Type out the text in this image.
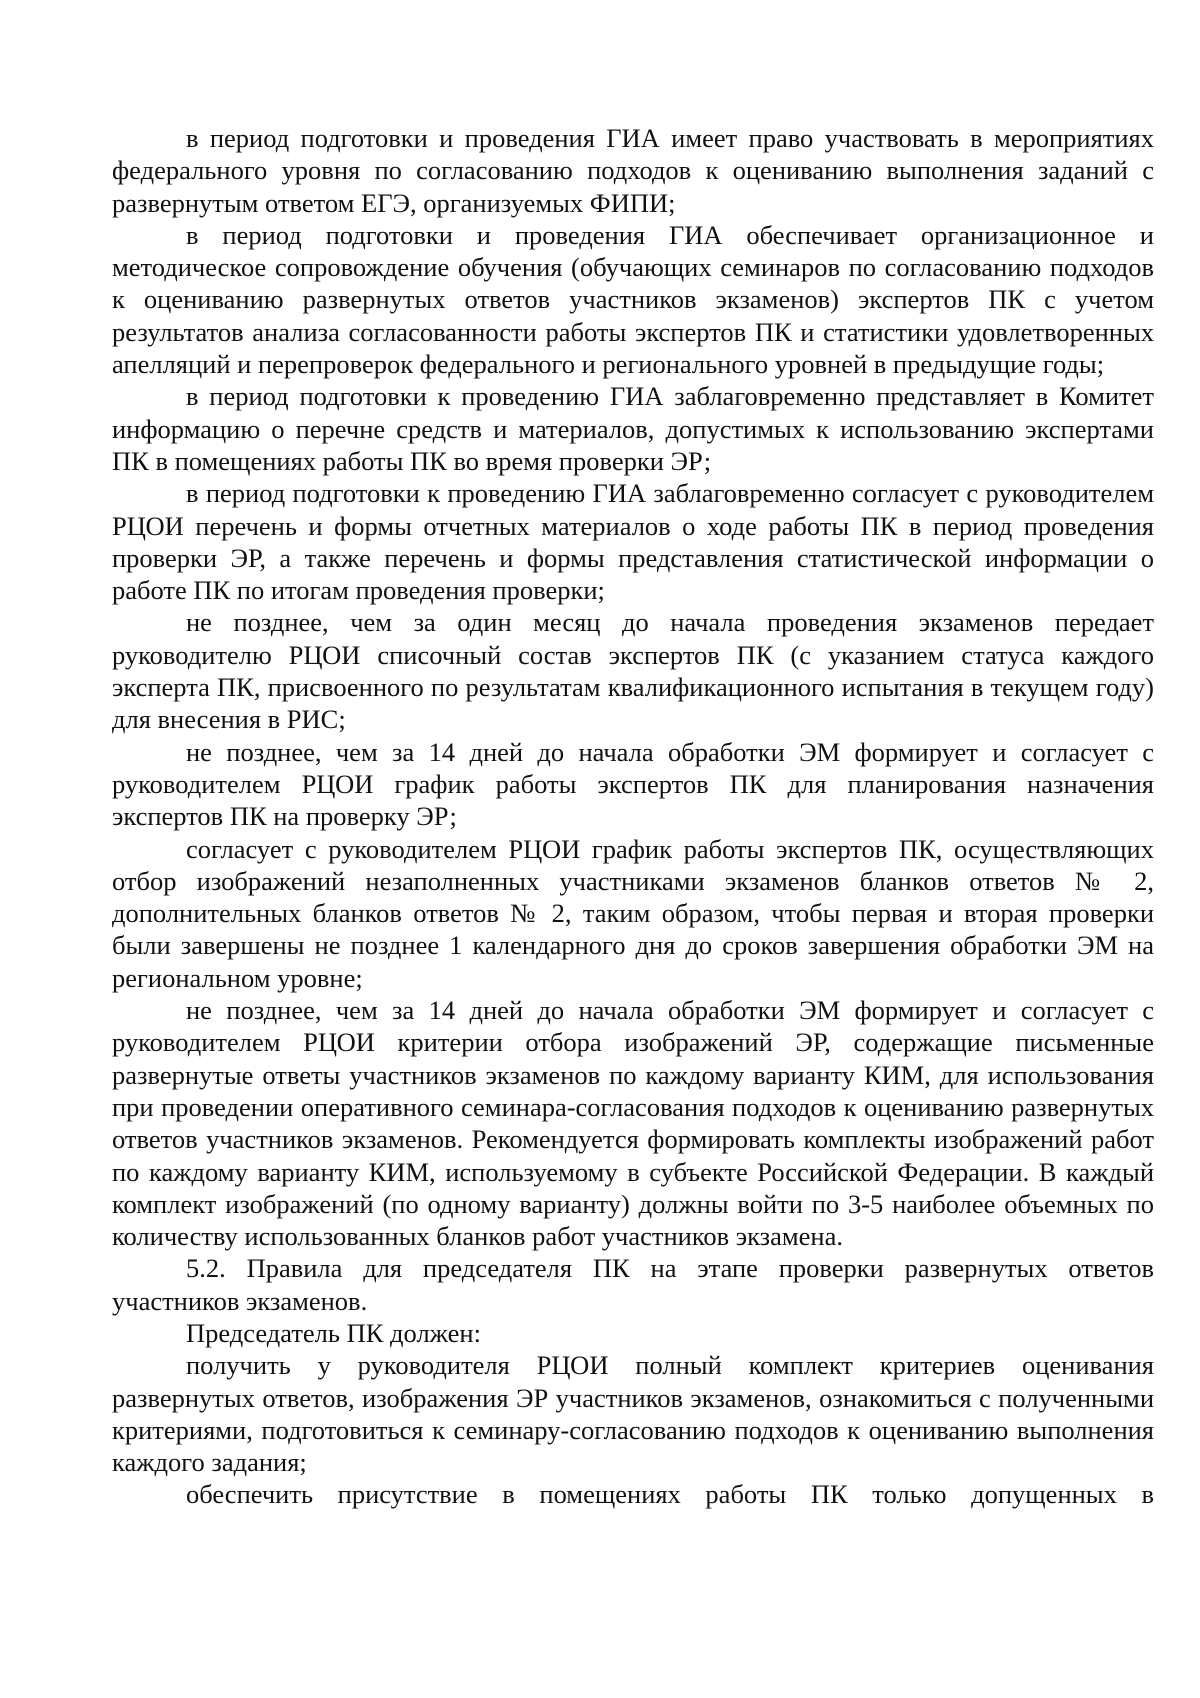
в период подготовки и проведения ГИА имеет право участвовать в мероприятиях федерального уровня по согласованию подходов к оцениванию выполнения заданий с развернутым ответом ЕГЭ, организуемых ФИПИ;

в период подготовки и проведения ГИА обеспечивает организационное и методическое сопровождение обучения (обучающих семинаров по согласованию подходов к оцениванию развернутых ответов участников экзаменов) экспертов ПК с учетом результатов анализа согласованности работы экспертов ПК и статистики удовлетворенных апелляций и перепроверок федерального и регионального уровней в предыдущие годы;

в период подготовки к проведению ГИА заблаговременно представляет в Комитет информацию о перечне средств и материалов, допустимых к использованию экспертами ПК в помещениях работы ПК во время проверки ЭР;

в период подготовки к проведению ГИА заблаговременно согласует с руководителем РЦОИ перечень и формы отчетных материалов о ходе работы ПК в период проведения проверки ЭР, а также перечень и формы представления статистической информации о работе ПК по итогам проведения проверки;

не позднее, чем за один месяц до начала проведения экзаменов передает руководителю РЦОИ списочный состав экспертов ПК (с указанием статуса каждого эксперта ПК, присвоенного по результатам квалификационного испытания в текущем году) для внесения в РИС;

не позднее, чем за 14 дней до начала обработки ЭМ формирует и согласует с руководителем РЦОИ график работы экспертов ПК для планирования назначения экспертов ПК на проверку ЭР;

согласует с руководителем РЦОИ график работы экспертов ПК, осуществляющих отбор изображений незаполненных участниками экзаменов бланков ответов № 2, дополнительных бланков ответов № 2, таким образом, чтобы первая и вторая проверки были завершены не позднее 1 календарного дня до сроков завершения обработки ЭМ на региональном уровне;

не позднее, чем за 14 дней до начала обработки ЭМ формирует и согласует с руководителем РЦОИ критерии отбора изображений ЭР, содержащие письменные развернутые ответы участников экзаменов по каждому варианту КИМ, для использования при проведении оперативного семинара-согласования подходов к оцениванию развернутых ответов участников экзаменов. Рекомендуется формировать комплекты изображений работ по каждому варианту КИМ, используемому в субъекте Российской Федерации. В каждый комплект изображений (по одному варианту) должны войти по 3-5 наиболее объемных по количеству использованных бланков работ участников экзамена.

5.2. Правила для председателя ПК на этапе проверки развернутых ответов участников экзаменов.

Председатель ПК должен:

получить у руководителя РЦОИ полный комплект критериев оценивания развернутых ответов, изображения ЭР участников экзаменов, ознакомиться с полученными критериями, подготовиться к семинару-согласованию подходов к оцениванию выполнения каждого задания;

обеспечить присутствие в помещениях работы ПК только допущенных в
